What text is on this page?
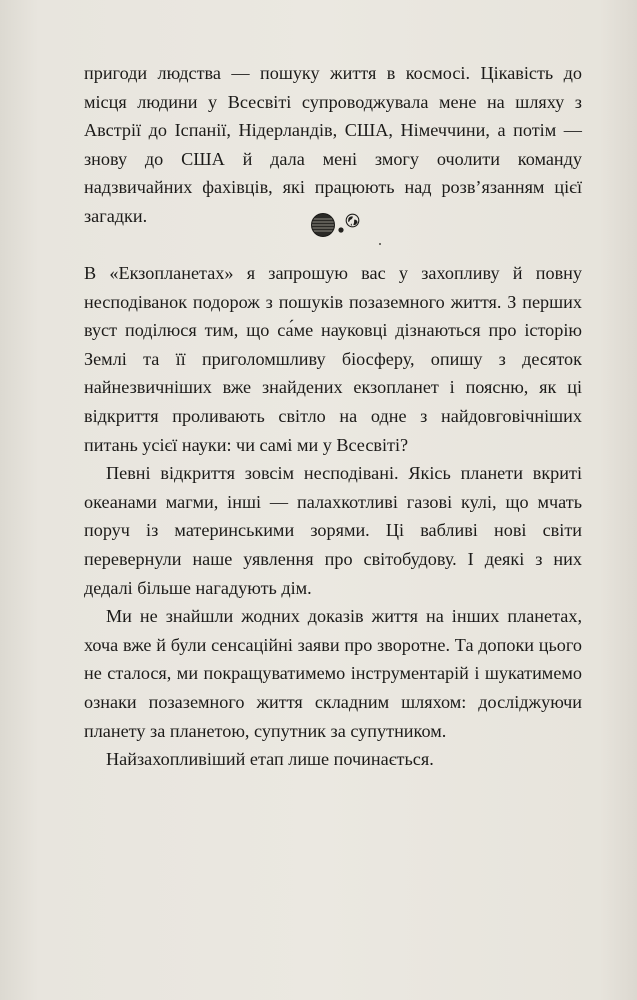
пригоди людства — пошуку життя в космосі. Цікавість до місця людини у Всесвіті супроводжувала мене на шляху з Австрії до Іспанії, Нідерландів, США, Німеччини, а потім — знову до США й дала мені змогу очолити команду надзвичайних фахівців, які працюють над розв’язанням цієї загадки.

В «Екзопланетах» я запрошую вас у захопливу й повну несподіванок подорож з пошуків позаземного життя. З перших вуст поділюся тим, що са́ме науковці дізнаються про історію Землі та її приголомшливу біосферу, опишу з десяток найнезвичніших вже знайдених екзопланет і поясню, як ці відкриття проливають світло на одне з найдовговічніших питань усієї науки: чи самі ми у Всесвіті?

Певні відкриття зовсім несподівані. Якісь планети вкриті океанами магми, інші — палахкотливі газові кулі, що мчать поруч із материнськими зорями. Ці вабливі нові світи перевернули наше уявлення про світобудову. І деякі з них дедалі більше нагадують дім.

Ми не знайшли жодних доказів життя на інших планетах, хоча вже й були сенсаційні заяви про зворотне. Та допоки цього не сталося, ми покращуватимемо інструментарій і шукатимемо ознаки позаземного життя складним шляхом: досліджуючи планету за планетою, супутник за супутником.

Найзахопливіший етап лише починається.
